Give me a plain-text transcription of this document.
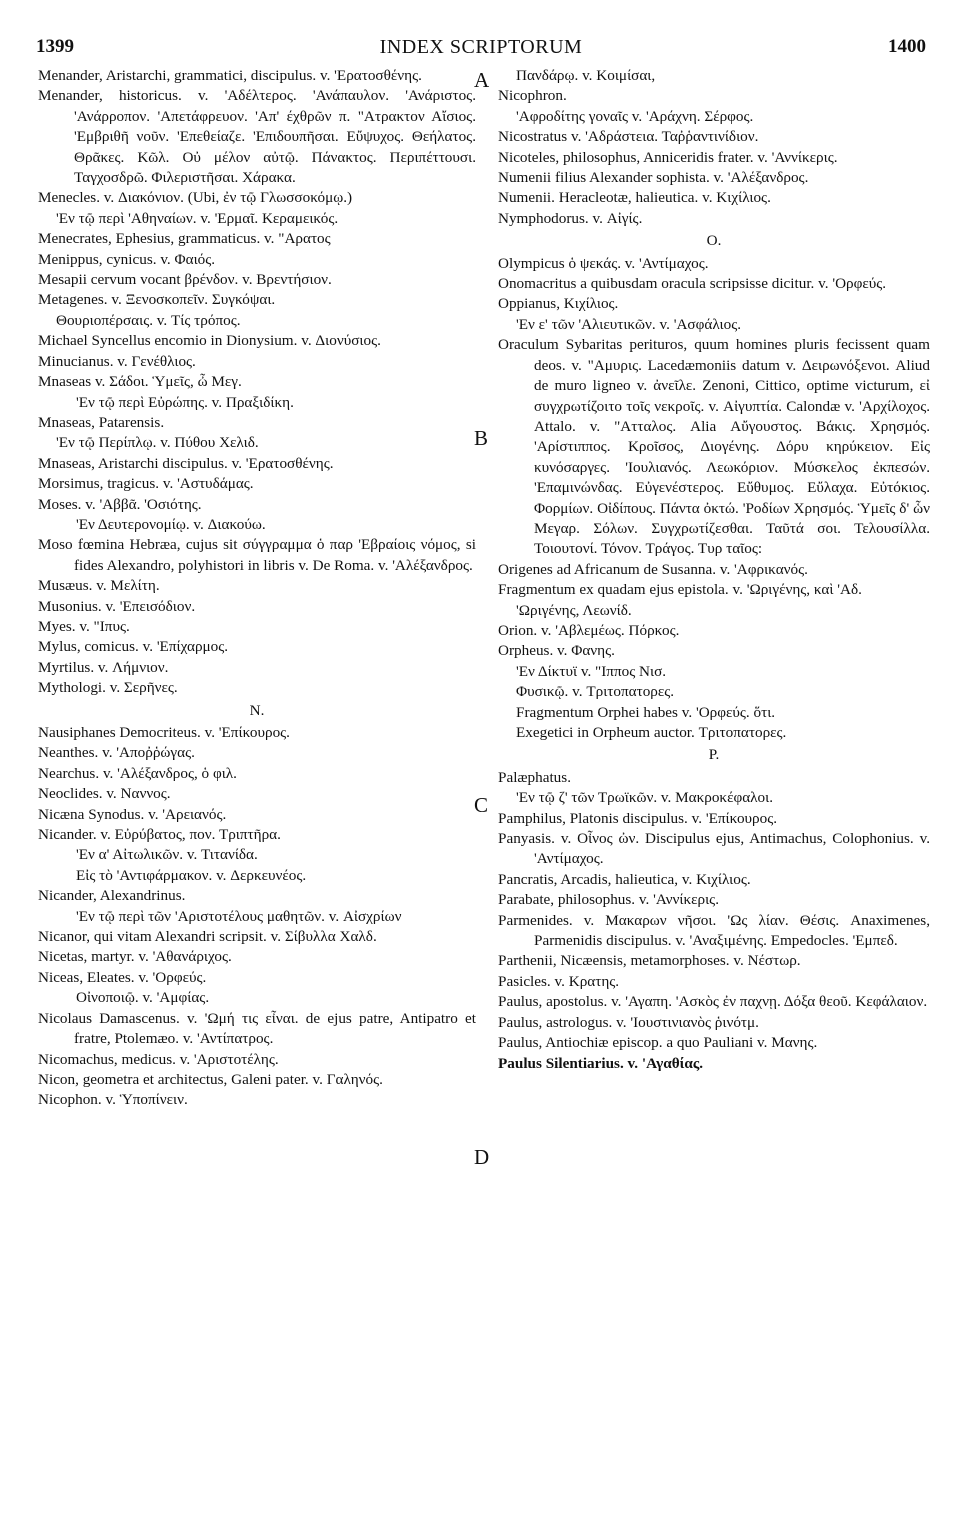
1399	INDEX SCRIPTORUM	1400
A
B
C
D

Menander, Aristarchi, grammatici, discipulus. v. 'Ερατοσθένης.

Menander, historicus. v. 'Αδέλτερος. 'Ανάπαυλον. 'Ανάριστος. 'Ανάρροπον. 'Απετάφρευον. 'Απ' έχθρῶν π. "Ατρακτον Αἴσιος. 'Εμβριθῆ νοῦν. 'Επεθείαζε. 'Επιδουπῆσαι. Εὔψυχος. Θεήλατος. Θρᾶκες. Κῶλ. Οὐ μέλον αὐτῷ. Πάνακτος. Περιπέττουσι. Ταγχοσδρῶ. Φιλεριστῆσαι. Χάρακα.

Menecles. v. Διακόνιον. (Ubi, ἐν τῷ Γλωσσοκόμῳ.)

'Εν τῷ περὶ 'Αθηναίων. v. 'Ερμαῖ. Κεραμεικός.

Menecrates, Ephesius, grammaticus. v. "Αρατος

Menippus, cynicus. v. Φαιός.

Mesapii cervum vocant βρένδον. v. Βρεντήσιον.

Metagenes. v. Ξενοσκοπεῖν. Συγκόψαι.

Θουριοπέρσαις. v. Τίς τρόπος.

Michael Syncellus encomio in Dionysium. v. Διονύσιος.

Minucianus. v. Γενέθλιος.

Mnaseas v. Σάδοι. Ὑμεῖς, ὦ Μεγ.

'Εν τῷ περὶ Εὐρώπης. v. Πραξιδίκη.

Mnaseas, Patarensis.

'Εν τῷ Περίπλῳ. v. Πύθου Χελιδ.

Mnaseas, Aristarchi discipulus. v. 'Ερατοσθένης.

Morsimus, tragicus. v. 'Αστυδάμας.

Moses. v. 'Αββᾶ. 'Οσιότης.

'Εν Δευτερονομίῳ. v. Διακούω.

Moso fœmina Hebræa, cujus sit σύγγραμμα ὁ παρ 'Εβραίοις νόμος, si fides Alexandro, polyhistori in libris v. De Roma. v. 'Αλέξανδρος.

Musæus. v. Μελίτη.

Musonius. v. 'Επεισόδιον.

Myes. v. "Ιπυς.

Mylus, comicus. v. 'Επίχαρμος.

Myrtilus. v. Λήμνιον.

Mythologi. v. Σερῆνες.

N.

Nausiphanes Democriteus. v. 'Επίκουρος.

Neanthes. v. 'Αποῤῥώγας.

Nearchus. v. 'Αλέξανδρος, ὁ φιλ.

Neoclides. v. Ναννος.

Nicæna Synodus. v. 'Αρειανός.

Nicander. v. Εὐρύβατος, πον. Τριπτῆρα.

'Εν α' Αἰτωλικῶν. v. Τιτανίδα.

Εἰς τὸ 'Αντιφάρμακον. v. Δερκευνέος.

Nicander, Alexandrinus.

'Εν τῷ περὶ τῶν 'Αριστοτέλους μαθητῶν. v. Αἰσχρίων

Nicanor, qui vitam Alexandri scripsit. v. Σίβυλλα Χαλδ.

Nicetas, martyr. v. 'Αθανάριχος.

Niceas, Eleates. v. 'Ορφεύς.

Οἰνοποιῷ. v. 'Αμφίας.

Nicolaus Damascenus. v. 'Ωμή τις εἶναι. de ejus patre, Antipatro et fratre, Ptolemæo. v. 'Αντίπατρος.

Nicomachus, medicus. v. 'Αριστοτέλης.

Nicon, geometra et architectus, Galeni pater. v. Γαληνός.

Nicophon. v. Ὑποπίνειν.

Πανδάρῳ. v. Κοιμίσαι,

Nicophron.

'Αφροδίτης γοναῖς v. 'Αράχνη. Σέρφος.

Nicostratus v. 'Αδράστεια. Ταῤῥαντινίδιον.

Nicoteles, philosophus, Anniceridis frater. v. 'Αννίκερις.

Numenii filius Alexander sophista. v. 'Αλέξανδρος.

Numenii. Heracleotæ, halieutica. v. Κιχίλιος.

Nymphodorus. v. Αἰγίς.

O.

Olympicus ὁ ψεκάς. v. 'Αντίμαχος.

Onomacritus a quibusdam oracula scripsisse dicitur. v. 'Ορφεύς.

Oppianus, Κιχίλιος.

'Εν ε' τῶν 'Αλιευτικῶν. v. 'Ασφάλιος.

Oraculum Sybaritas perituros, quum homines pluris fecissent quam deos. v. "Αμυρις. Lacedæmoniis datum v. Δειρωνόξενοι. Aliud de muro ligneo v. ἀνεῖλε. Zenoni, Cittico, optime victurum, εἰ συγχρωτίζοιτο τοῖς νεκροῖς. v. Αἰγυπτία. Calondæ v. 'Αρχίλοχος. Attalo. v. "Ατταλος. Alia Αὔγουστος. Βάκις. Χρησμός. 'Αρίστιππος. Κροῖσος, Διογένης. Δόρυ κηρύκειον. Εἰς κυνόσαργες. 'Ιουλιανός. Λεωκόριον. Μύσκελος ἐκπεσών. 'Επαμινώνδας. Εὐγενέστερος. Εὔθυμος. Εὔλαχα. Εὐτόκιος. Φορμίων. Οἰδίπους. Πάντα ὀκτώ. 'Ροδίων Χρησμός. Ὑμεῖς δ' ὧν Μεγαρ. Σόλων. Συγχρωτίζεσθαι. Ταῦτά σοι. Τελουσίλλα. Τοιουτονί. Τόνον. Τράγος. Τυρ ταῖος:

Origenes ad Africanum de Susanna. v. 'Αφρικανός.

Fragmentum ex quadam ejus epistola. v. 'Ωριγένης, καὶ 'Αδ.

'Ωριγένης, Λεωνίδ.

Orion. v. 'Αβλεμέως. Πόρκος.

Orpheus. v. Φανης.

'Εν Δίκτυϊ v. "Ιππος Νισ.

Φυσικῷ. v. Τριτοπατορες.

Fragmentum Orphei habes v. 'Ορφεύς. ὅτι.

Exegetici in Orpheum auctor. Τριτοπατορες.

P.

Palæphatus.

'Εν τῷ ζ' τῶν Τρωϊκῶν. v. Μακροκέφαλοι.

Pamphilus, Platonis discipulus. v. 'Επίκουρος.

Panyasis. v. Οἶνος ὠν. Discipulus ejus, Antimachus, Colophonius. v. 'Αντίμαχος.

Pancratis, Arcadis, halieutica, v. Κιχίλιος.

Parabate, philosophus. v. 'Αννίκερις.

Parmenides. v. Μακαρων νῆσοι. 'Ως λίαν. Θέσις. Anaximenes, Parmenidis discipulus. v. 'Αναξιμένης. Empedocles. 'Εμπεδ.

Parthenii, Nicæensis, metamorphoses. v. Νέστωρ.

Pasicles. v. Κρατης.

Paulus, apostolus. v. 'Αγαπη. 'Ασκὸς ἐν παχνῃ. Δόξα θεοῦ. Κεφάλαιον.

Paulus, astrologus. v. 'Ιουστινιανὸς ῥινότμ.

Paulus, Antiochiæ episcop. a quo Pauliani v. Μανης.

Paulus Silentiarius. v. 'Αγαθίας.
